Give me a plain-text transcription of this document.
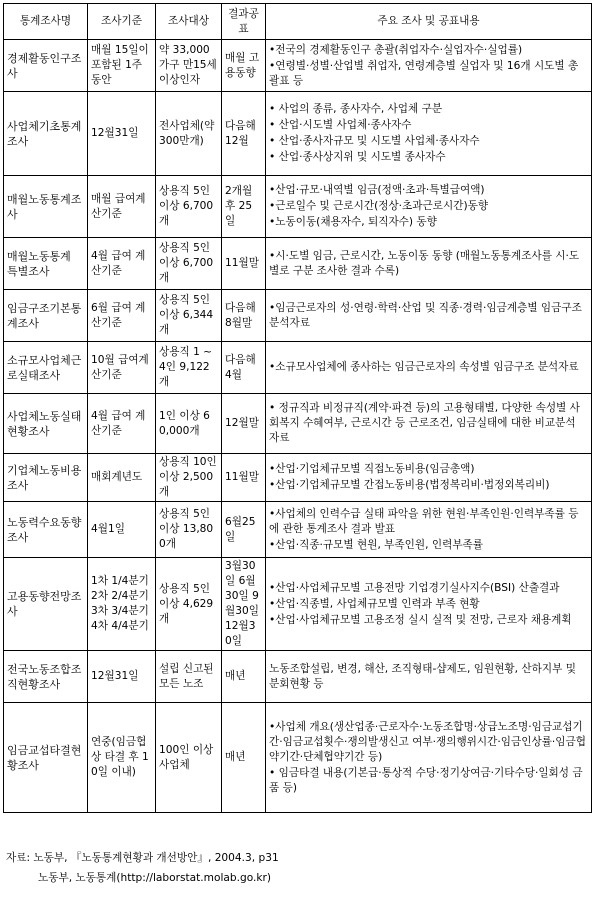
통계조사명	조사기준	조사대상	결과공표	주요 조사 및 공표내용
경제활동인구조사	매월 15일이 포함된 1주동안	약 33,000가구 만15세 이상인자	매월 고용동향	•전국의 경제활동인구 총괄(취업자수·실업자수·실업률)
•연령별·성별·산업별 취업자, 연령계층별 실업자 및 16개 시도별 총괄표 등

사업체기초통계조사	12월31일	전사업체(약 300만개)	다음해 12월	• 사업의 종류, 종사자수, 사업체 구분
• 산업·시도별 사업체·종사자수
• 산업·종사자규모 및 시도별 사업체·종사자수
• 산업·종사상지위 및 시도별 종사자수

매월노동통계조사	매월 급여계산기준	상용직 5인 이상 6,700개	2개월후 25일	•산업·규모·내역별 임금(정액·초과·특별급여액)
•근로일수 및 근로시간(정상·초과근로시간)동향
•노동이동(채용자수, 퇴직자수) 동향

매월노동통계 특별조사	4월 급여 계산기준	상용직 5인 이상 6,700개	11월말	•시·도별 임금, 근로시간, 노동이동 동향 (매월노동통계조사를 시·도별로 구분 조사한 결과 수록)

임금구조기본통계조사	6월 급여 계산기준	상용직 5인 이상 6,344개	다음해 8월말	•임금근로자의 성·연령·학력·산업 및 직종·경력·임금계층별 임금구조 분석자료

소규모사업체근로실태조사	10월 급여계산기준	상용직 1 ~ 4인 9,122개	다음해 4월	•소규모사업체에 종사하는 임금근로자의 속성별 임금구조 분석자료

사업체노동실태현황조사	4월 급여 계산기준	1인 이상 60,000개	12월말	• 정규직과 비정규직(계약·파견 등)의 고용형태별, 다양한 속성별 사회복지 수혜여부, 근로시간 등 근로조건, 임금실태에 대한 비교분석 자료

기업체노동비용조사	매회계년도	상용직 10인 이상 2,500개	11월말	•산업·기업체규모별 직접노동비용(임금총액)
•산업·기업체규모별 간접노동비용(법정복리비·법정외복리비)

노동력수요동향조사	4월1일	상용직 5인 이상 13,800개	6월25일	•사업체의 인력수급 실태 파악을 위한 현원·부족인원·인력부족률 등에 관한 통계조사 결과 발표
•산업·직종·규모별 현원, 부족인원, 인력부족률

고용동향전망조사	1차 1/4분기 2차 2/4분기 3차 3/4분기 4차 4/4분기	상용직 5인이상 4,629개	3월30일 6월30일 9월30일 12월30일	•산업·사업체규모별 고용전망 기업경기실사지수(BSI) 산출결과
•산업·직종별, 사업체규모별 인력과 부족 현황
•산업·사업체규모별 고용조정 실시 실적 및 전망, 근로자 채용계획

전국노동조합조직현황조사	12월31일	설립 신고된 모든 노조	매년	노동조합설립, 변경, 해산, 조직형태-샵제도, 임원현황, 산하지부 및 분회현황 등

임금교섭타결현황조사	연중(임금협상 타결 후 10일 이내)	100인 이상 사업체	매년	•사업체 개요(생산업종·근로자수·노동조합명·상급노조명·임금교섭기간·임금교섭횟수·쟁의발생신고 여부·쟁의행위시간·임금인상률·임금협약기간·단체협약기간 등)
• 임금타결 내용(기본급·통상적 수당·정기상여금·기타수당·일회성 금품 등)
자료: 노동부, 『노동통계현황과 개선방안』, 2004.3, p31
노동부, 노동통계(http://laborstat.molab.go.kr)
